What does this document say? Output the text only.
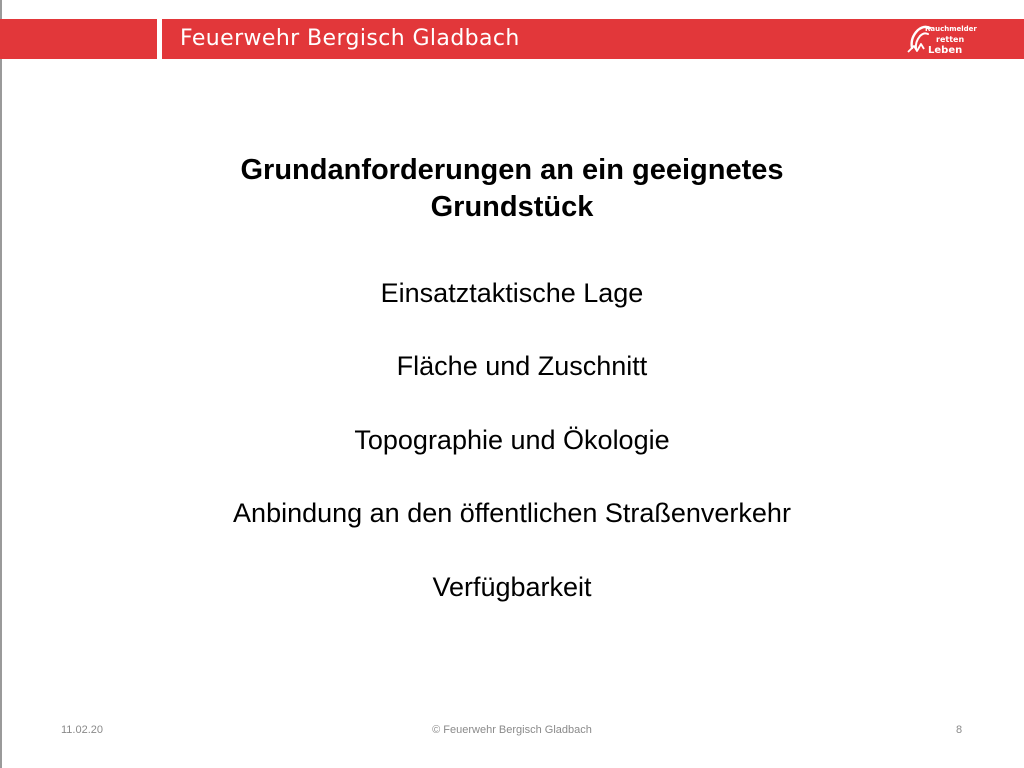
Feuerwehr Bergisch Gladbach	Rauchmelder
retten
Leben
Grundanforderungen an ein geeignetes
Grundstück
Einsatztaktische Lage
Fläche und Zuschnitt
Topographie und Ökologie
Anbindung an den öffentlichen Straßenverkehr
Verfügbarkeit
11.02.20	© Feuerwehr Bergisch Gladbach	8
